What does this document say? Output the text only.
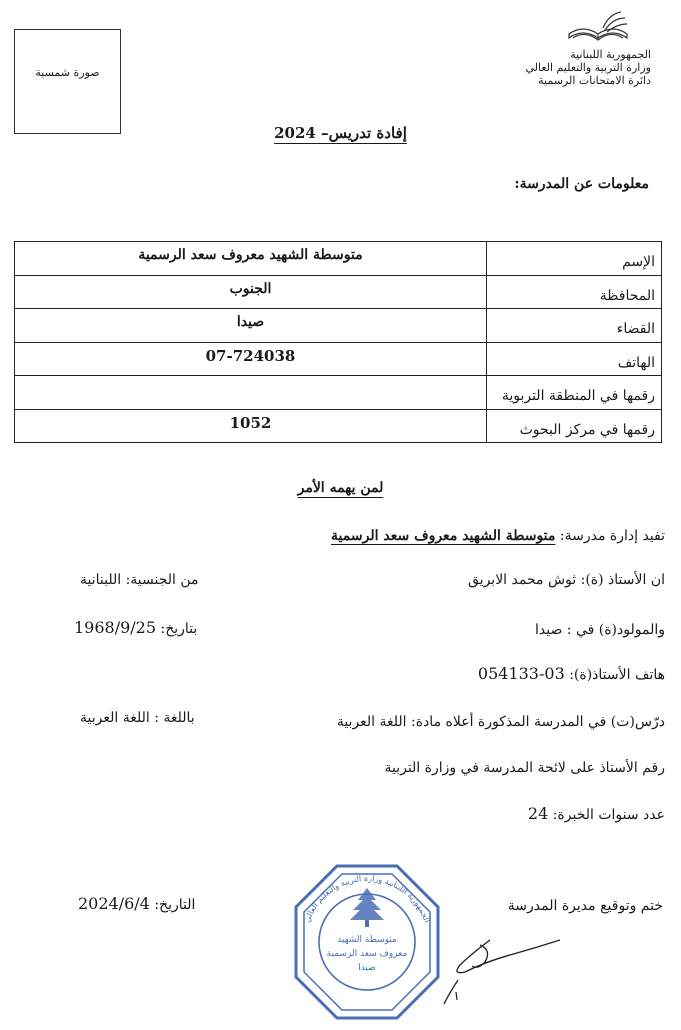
صورة شمسية
الجمهورية اللبنانية
وزارة التربية والتعليم العالي
دائرة الامتحانات الرسمية
إفادة تدريس– 2024
معلومات عن المدرسة:
متوسطة الشهيد معروف سعد الرسمية	الإسم
الجنوب	المحافظة
صيدا	القضاء
07-724038	الهاتف
	رقمها في المنطقة التربوية
1052	رقمها في مركز البحوث
لمن يهمه الأمر
تفيد إدارة مدرسة: متوسطة الشهيد معروف سعد الرسمية
ان الأستاذ (ة): ثوش محمد الابريق
من الجنسية: اللبنانية
والمولود(ة) في : صيدا
بتاريخ: 1968/9/25
هاتف الأستاذ(ة): 03-054133
درّس(ت) في المدرسة المذكورة أعلاه مادة: اللغة العربية
باللغة : اللغة العربية
رقم الأستاذ على لائحة المدرسة في وزارة التربية
عدد سنوات الخبرة: 24
ختم وتوقيع مديرة المدرسة
التاريخ: 2024/6/4
متوسطة الشهيد
معروف سعد الرسمية
صيدا
الجمهورية اللبنانية وزارة التربية والتعليم العالي
